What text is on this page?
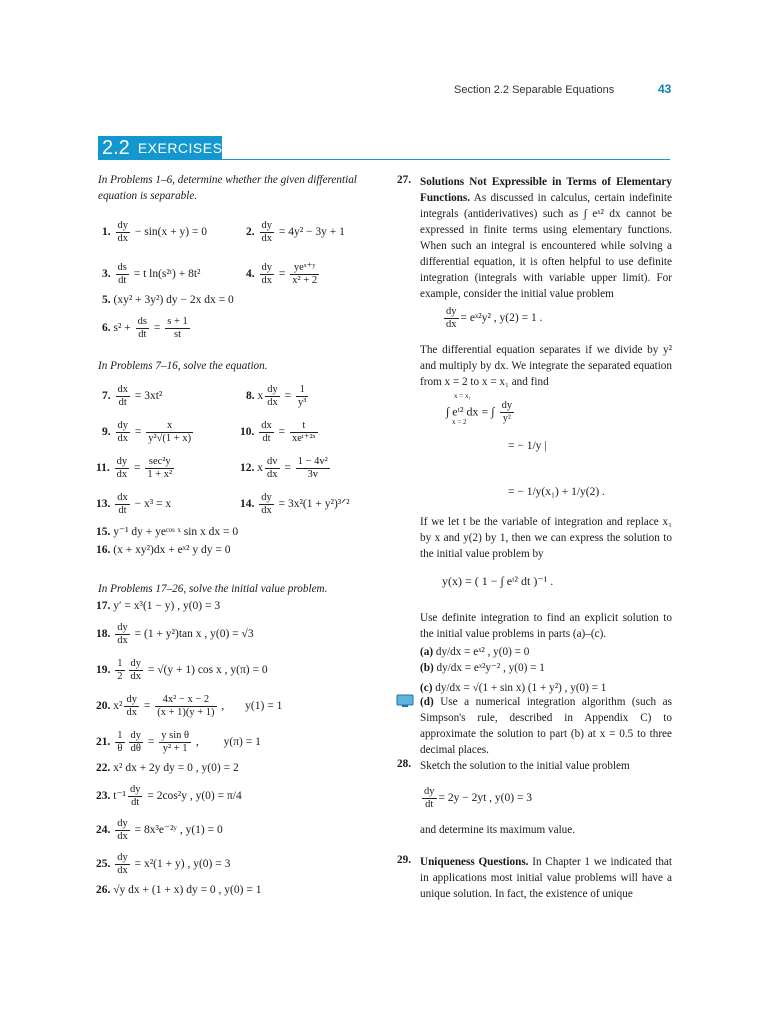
Section 2.2 Separable Equations	43
2.2 EXERCISES
In Problems 1–6, determine whether the given differential equation is separable.
1. $\frac{dy}{dx} - \sin(x + y) = 0$	2. $\frac{dy}{dx} = 4y^2 - 3y + 1$
3. $\frac{ds}{dt} = t$ ln(s²ᵗ) + 8t²	4. $\frac{dy}{dx} = \frac{\text{yeˣ⁺ʸ}}{\text{x² + 2}}$
5. (xy² + 3y²) dy − 2x dx = 0
6. $s^2 + \frac{ds}{dt} = \frac{s + 1}{st}$
In Problems 7–16, solve the equation.
7. $\frac{dx}{dt} = 3xt^2$	8. x $\frac{dy}{dx} = \frac{1}{\text{y³}}$
9. $\frac{dy}{dx} = \frac{x}{\text{y²√(1 + x)}}$	10. $\frac{dx}{dt} = \frac{t}{\text{xeᵗ⁺²ˣ}}$
11. $\frac{dy}{dx} = \frac{\text{sec²y}}{\text{1 + x²}}$	12. x $\frac{dv}{dx} = \frac{\text{1 − 4v²}}{3v}$
13. $\frac{dx}{dt} - x^3 = x$	14. $\frac{dy}{dx} = 3x^2(1$ + y²)³ᐟ²
15. y⁻¹ dy + yeᶜᵒˢ ˣ sin x dx = 0
16. (x + xy²)dx + eˣ² y dy = 0
In Problems 17–26, solve the initial value problem.
17. y′ = x³(1 − y) , y(0) = 3
18. $\frac{dy}{dx} = (1 + y^2)\tan$ x , y(0) = √3
19. $\frac{1}{2} \frac{dy}{dx} = √(y + 1)$ cos x , y(π) = 0
20. $x^2 \frac{dy}{dx} = \frac{\text{4x² − x − 2}}{(x + 1)(y + 1)}$ , y(1) = 1
21. $\frac{1}{\theta} \frac{dy}{d\theta} = \frac{\text{y sin θ}}{\text{y² + 1}}$ , y(π) = 1
22. x² dx + 2y dy = 0 , y(0) = 2
23. $t^{-1} \frac{dy}{dt} = 2\cos^2y$ , y(0) = π/4
24. $\frac{dy}{dx}$ = 8x³e⁻²ʸ , y(1) = 0
25. $\frac{dy}{dx} = x^2(1 + y)$ , y(0) = 3
26. √y dx + (1 + x) dy = 0 , y(0) = 1
27. Solutions Not Expressible in Terms of Elementary Functions. As discussed in calculus, certain indefinite integrals (antiderivatives) such as ∫ eˣ² dx cannot be expressed in finite terms using elementary functions. When such an integral is encountered while solving a differential equation, it is often helpful to use definite integration (integrals with variable upper limit). For example, consider the initial value problem
$\frac{dy}{dx}$ = eˣ²y² , y(2) = 1 .
The differential equation separates if we divide by y² and multiply by dx. We integrate the separated equation from x = 2 to x = x₁ and find
x = x₁
∫ eᵗ² dx = ∫
x = 2	$\frac{dy}{\text{y²}}$
= − 1/y |
= − 1/y(x₁) + 1/y(2) .
If we let t be the variable of integration and replace x₁ by x and y(2) by 1, then we can express the solution to the initial value problem by
y(x) = ( 1 − ∫ eᵗ² dt )⁻¹ .
Use definite integration to find an explicit solution to the initial value problems in parts (a)–(c).
(a) dy/dx = eˣ² , y(0) = 0
(b) dy/dx = eˣ²y⁻² , y(0) = 1
(c) dy/dx = √(1 + sin x) (1 + y²) , y(0) = 1
(d) Use a numerical integration algorithm (such as Simpson's rule, described in Appendix C) to approximate the solution to part (b) at x = 0.5 to three decimal places.
28. Sketch the solution to the initial value problem
$\frac{dy}{dt} = 2y - 2yt$ , y(0) = 3
and determine its maximum value.
29. Uniqueness Questions. In Chapter 1 we indicated that in applications most initial value problems will have a unique solution. In fact, the existence of unique
